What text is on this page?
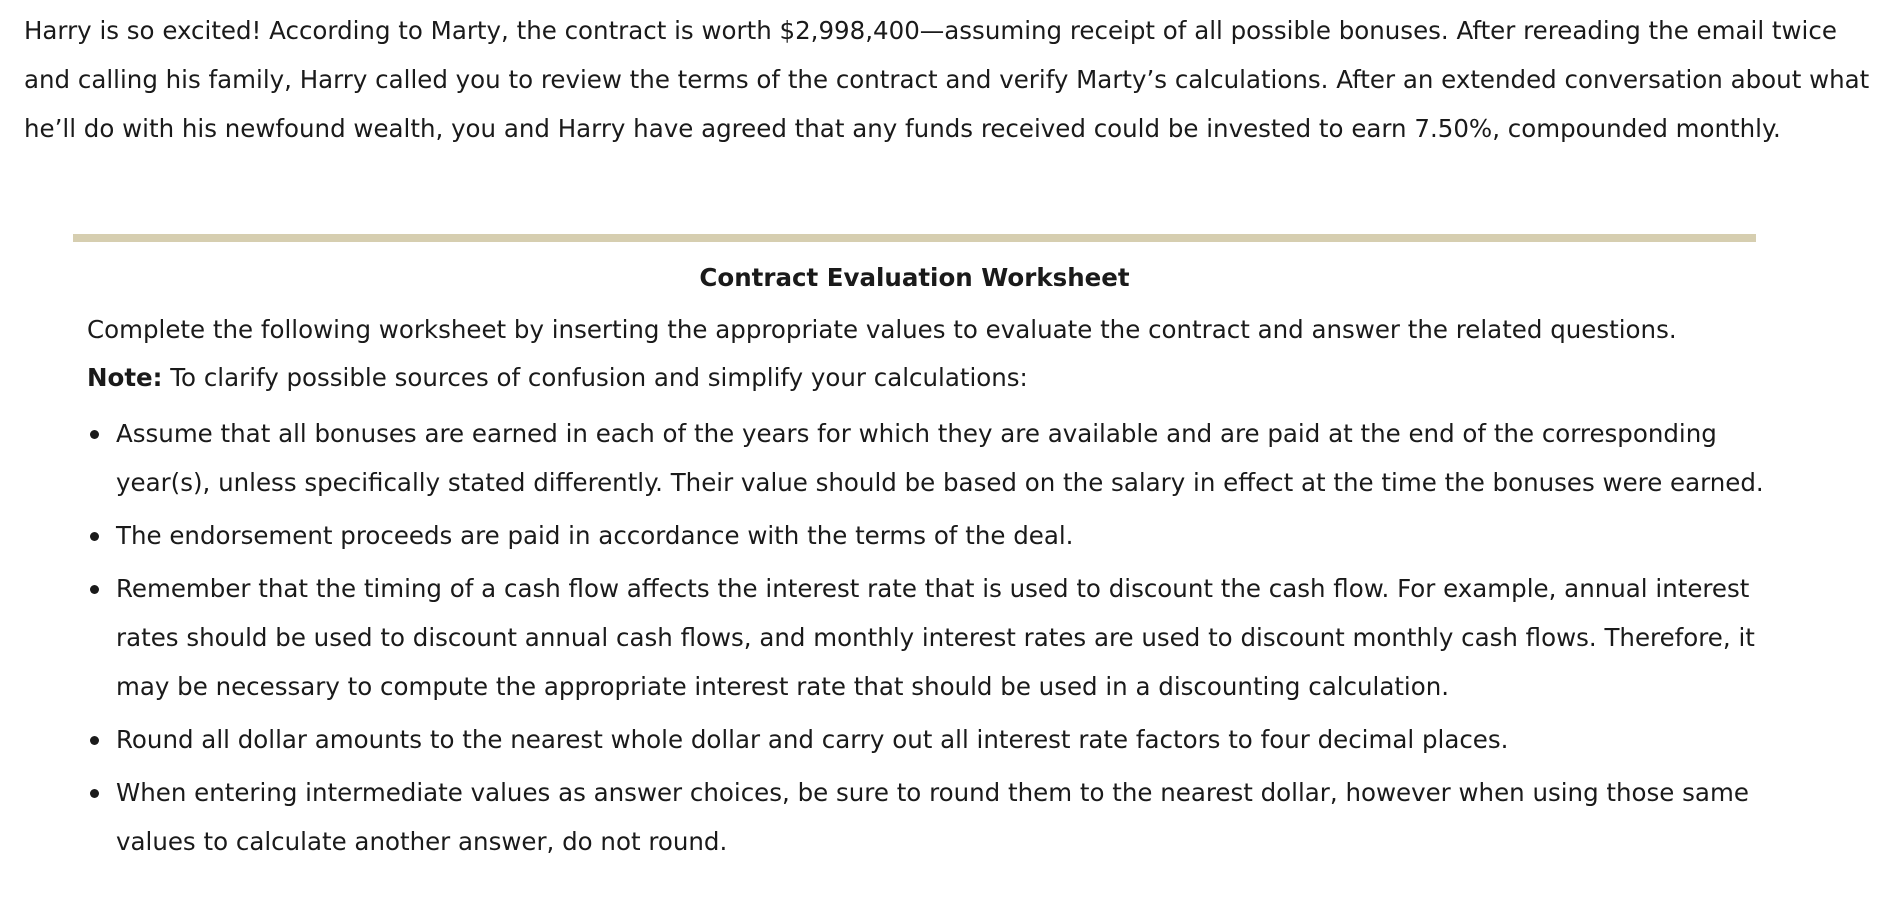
Harry is so excited! According to Marty, the contract is worth $2,998,400—assuming receipt of all possible bonuses. After rereading the email twice and calling his family, Harry called you to review the terms of the contract and verify Marty’s calculations. After an extended conversation about what he’ll do with his newfound wealth, you and Harry have agreed that any funds received could be invested to earn 7.50%, compounded monthly.

Contract Evaluation Worksheet

Complete the following worksheet by inserting the appropriate values to evaluate the contract and answer the related questions.

Note: To clarify possible sources of confusion and simplify your calculations:

Assume that all bonuses are earned in each of the years for which they are available and are paid at the end of the corresponding year(s), unless specifically stated differently. Their value should be based on the salary in effect at the time the bonuses were earned.
The endorsement proceeds are paid in accordance with the terms of the deal.
Remember that the timing of a cash flow affects the interest rate that is used to discount the cash flow. For example, annual interest rates should be used to discount annual cash flows, and monthly interest rates are used to discount monthly cash flows. Therefore, it may be necessary to compute the appropriate interest rate that should be used in a discounting calculation.
Round all dollar amounts to the nearest whole dollar and carry out all interest rate factors to four decimal places.
When entering intermediate values as answer choices, be sure to round them to the nearest dollar, however when using those same values to calculate another answer, do not round.
